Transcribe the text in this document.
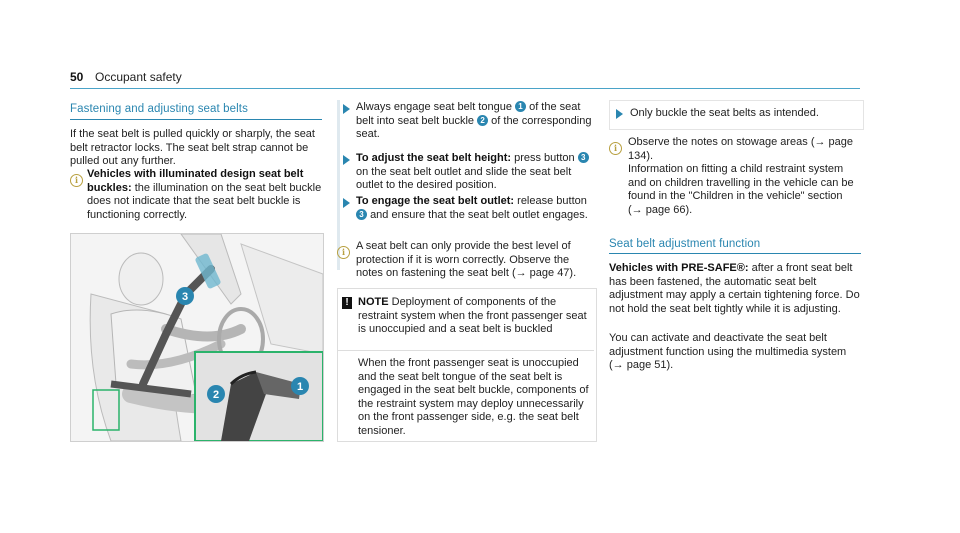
50 Occupant safety
Fastening and adjusting seat belts
If the seat belt is pulled quickly or sharply, the seat belt retractor locks. The seat belt strap cannot be pulled out any further.
i Vehicles with illuminated design seat belt buckles: the illumination on the seat belt buckle does not indicate that the seat belt buckle is functioning correctly.
3
2
1
Always engage seat belt tongue 1 of the seat belt into seat belt buckle 2 of the corresponding seat.
To adjust the seat belt height: press button 3 on the seat belt outlet and slide the seat belt outlet to the desired position.
To engage the seat belt outlet: release button 3 and ensure that the seat belt outlet engages.
i A seat belt can only provide the best level of protection if it is worn correctly. Observe the notes on fastening the seat belt (→ page 47).
! NOTE Deployment of components of the restraint system when the front passenger seat is unoccupied and a seat belt is buckled
When the front passenger seat is unoccupied and the seat belt tongue of the seat belt is engaged in the seat belt buckle, components of the restraint system may deploy unnecessarily on the front passenger side, e.g. the seat belt tensioner.
Only buckle the seat belts as intended.
i Observe the notes on stowage areas (→ page 134).
Information on fitting a child restraint system and on children travelling in the vehicle can be found in the "Children in the vehicle" section (→ page 66).
Seat belt adjustment function
Vehicles with PRE-SAFE®: after a front seat belt has been fastened, the automatic seat belt adjustment may apply a certain tightening force. Do not hold the seat belt tightly while it is adjusting.
You can activate and deactivate the seat belt adjustment function using the multimedia system (→ page 51).
